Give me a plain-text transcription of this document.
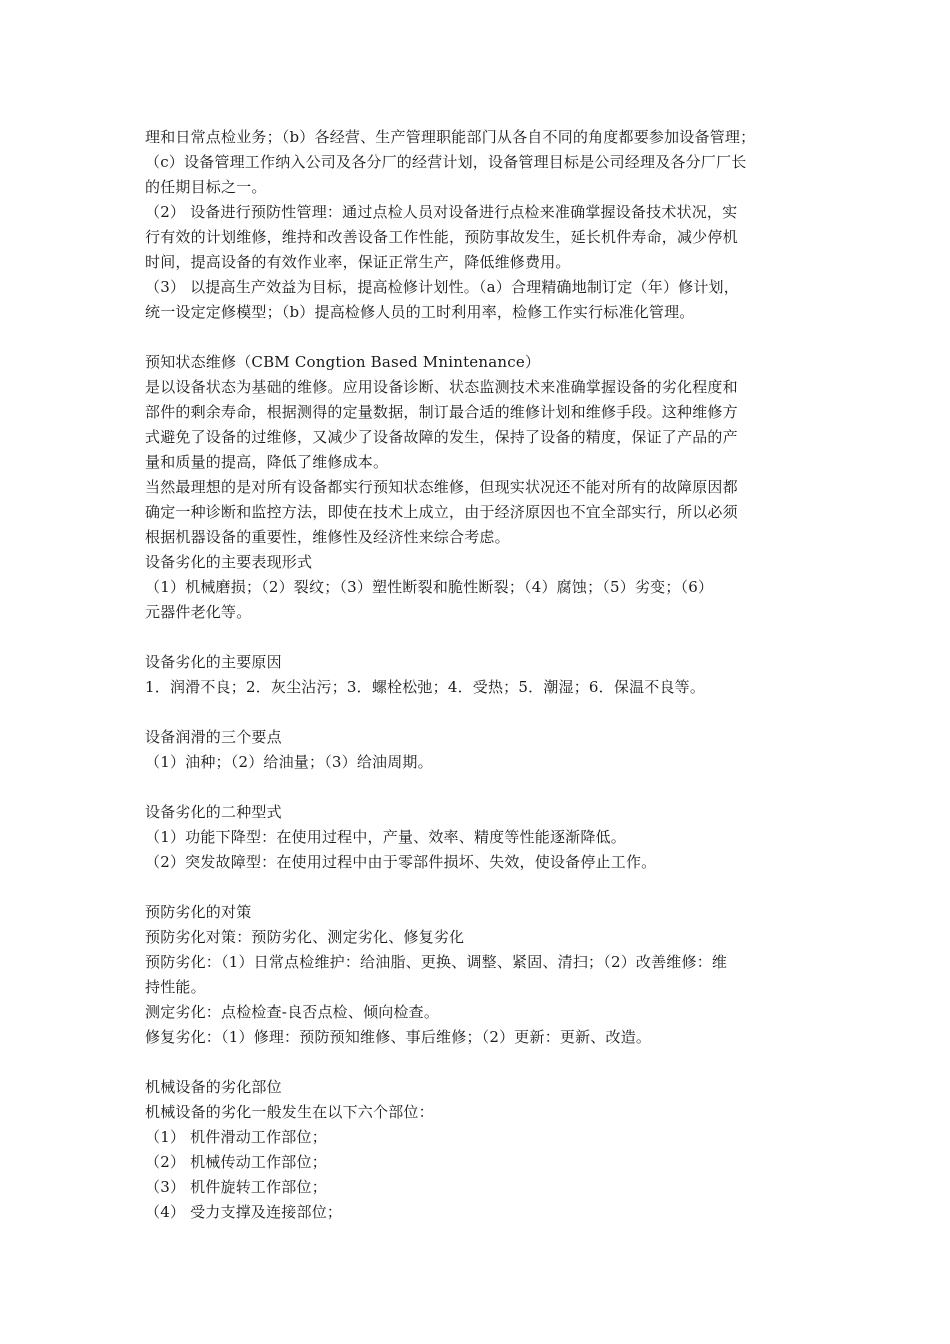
理和日常点检业务；（b）各经营、生产管理职能部门从各自不同的角度都要参加设备管理；
（c）设备管理工作纳入公司及各分厂的经营计划，设备管理目标是公司经理及各分厂厂长
的任期目标之一。
（2） 设备进行预防性管理：通过点检人员对设备进行点检来准确掌握设备技术状况，实
行有效的计划维修，维持和改善设备工作性能，预防事故发生，延长机件寿命，减少停机
时间，提高设备的有效作业率，保证正常生产，降低维修费用。
（3） 以提高生产效益为目标，提高检修计划性。（a）合理精确地制订定（年）修计划，
统一设定定修模型；（b）提高检修人员的工时利用率，检修工作实行标准化管理。
预知状态维修（CBM Congtion Based Mnintenance）
是以设备状态为基础的维修。应用设备诊断、状态监测技术来准确掌握设备的劣化程度和
部件的剩余寿命，根据测得的定量数据，制订最合适的维修计划和维修手段。这种维修方
式避免了设备的过维修，又减少了设备故障的发生，保持了设备的精度，保证了产品的产
量和质量的提高，降低了维修成本。
当然最理想的是对所有设备都实行预知状态维修，但现实状况还不能对所有的故障原因都
确定一种诊断和监控方法，即使在技术上成立，由于经济原因也不宜全部实行，所以必须
根据机器设备的重要性，维修性及经济性来综合考虑。
设备劣化的主要表现形式
（1）机械磨损；（2）裂纹；（3）塑性断裂和脆性断裂；（4）腐蚀；（5）劣变；（6）
元器件老化等。
设备劣化的主要原因
1．润滑不良；2．灰尘沾污；3．螺栓松弛；4．受热；5．潮湿；6．保温不良等。
设备润滑的三个要点
（1）油种；（2）给油量；（3）给油周期。
设备劣化的二种型式
（1）功能下降型：在使用过程中，产量、效率、精度等性能逐渐降低。
（2）突发故障型：在使用过程中由于零部件损坏、失效，使设备停止工作。
预防劣化的对策
预防劣化对策：预防劣化、测定劣化、修复劣化
预防劣化：（1）日常点检维护：给油脂、更换、调整、紧固、清扫；（2）改善维修：维
持性能。
测定劣化：点检检查-良否点检、倾向检查。
修复劣化：（1）修理：预防预知维修、事后维修；（2）更新：更新、改造。
机械设备的劣化部位
机械设备的劣化一般发生在以下六个部位：
（1） 机件滑动工作部位；
（2） 机械传动工作部位；
（3） 机件旋转工作部位；
（4） 受力支撑及连接部位；
